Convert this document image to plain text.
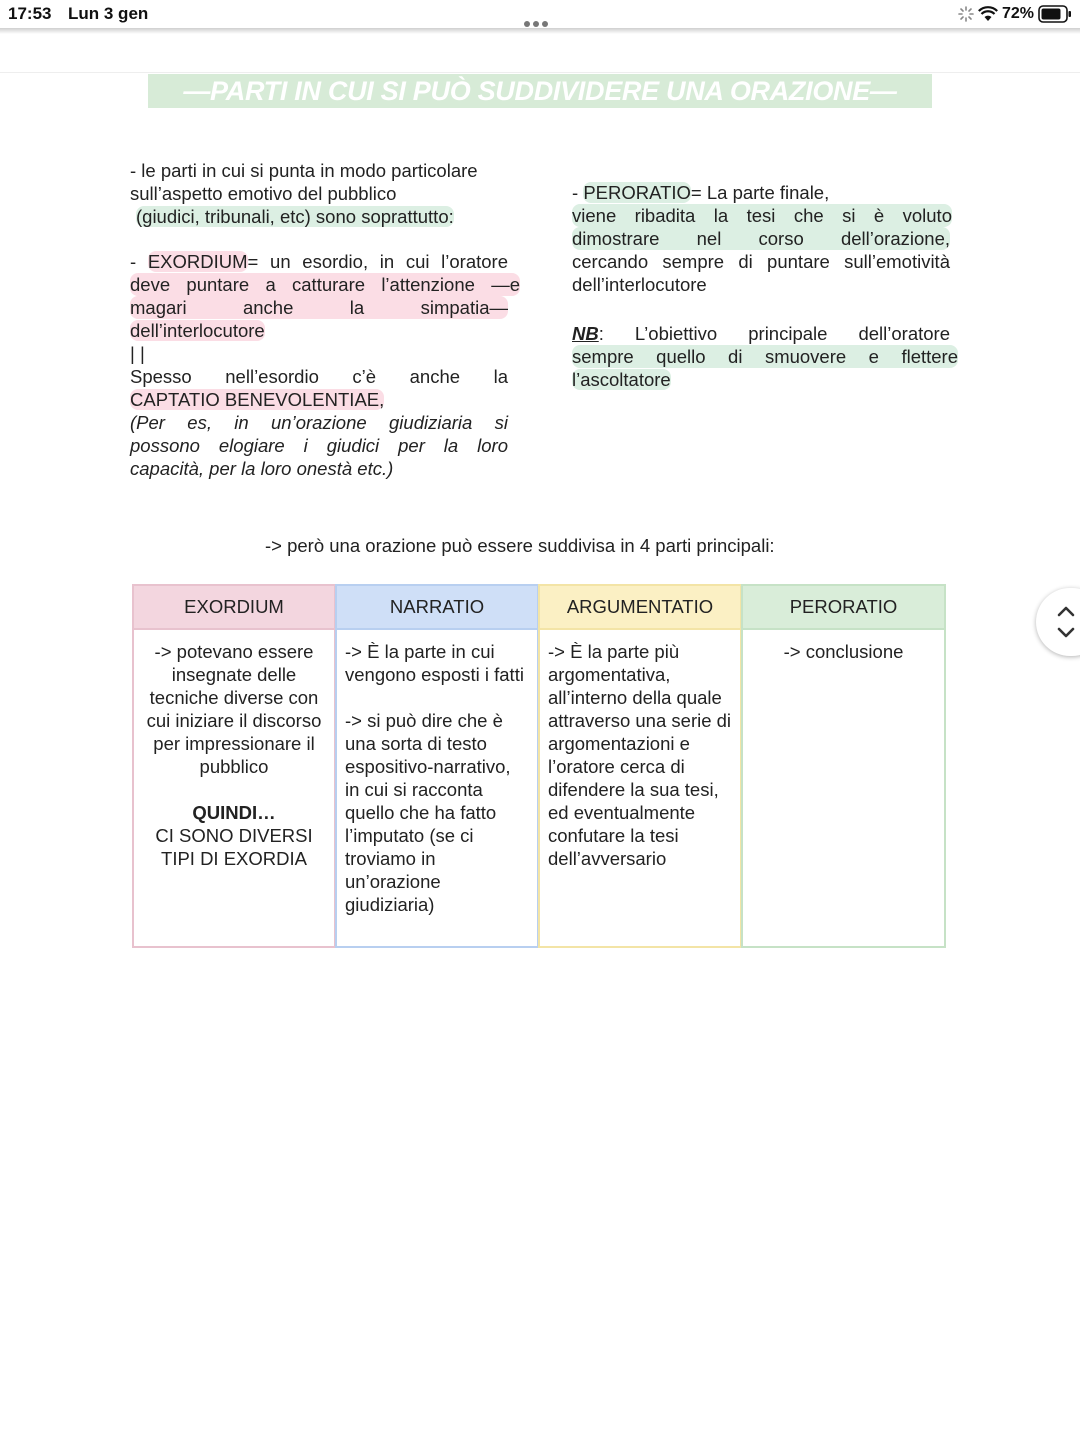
17:53 Lun 3 gen	72%
—PARTI IN CUI SI PUÒ SUDDIVIDERE UNA ORAZIONE—
- le parti in cui si punta in modo particolare
sull’aspetto emotivo del pubblico
(giudici, tribunali, etc) sono soprattutto:
- EXORDIUM= un esordio, in cui l’oratore
deve puntare a catturare l’attenzione —e
magari anche la simpatia—
dell’interlocutore
| |
Spesso nell’esordio c’è anche la
CAPTATIO BENEVOLENTIAE,
(Per es, in un’orazione giudiziaria si
possono elogiare i giudici per la loro
capacità, per la loro onestà etc.)
- PERORATIO= La parte finale,
viene ribadita la tesi che si è voluto
dimostrare nel corso dell’orazione,
cercando sempre di puntare sull’emotività
dell’interlocutore
NB: L’obiettivo principale dell’oratore
sempre quello di smuovere e flettere
l’ascoltatore
-> però una orazione può essere suddivisa in 4 parti principali:
EXORDIUM
-> potevano essere insegnate delle tecniche diverse con cui iniziare il discorso per impressionare il pubblico
QUINDI…
CI SONO DIVERSI TIPI DI EXORDIA
NARRATIO
-> È la parte in cui vengono esposti i fatti
-> si può dire che è una sorta di testo espositivo-narrativo, in cui si racconta quello che ha fatto l’imputato (se ci troviamo in un’orazione giudiziaria)
ARGUMENTATIO
-> È la parte più argomentativa, all’interno della quale attraverso una serie di argomentazioni e l’oratore cerca di difendere la sua tesi, ed eventualmente confutare la tesi dell’avversario
PERORATIO
-> conclusione
